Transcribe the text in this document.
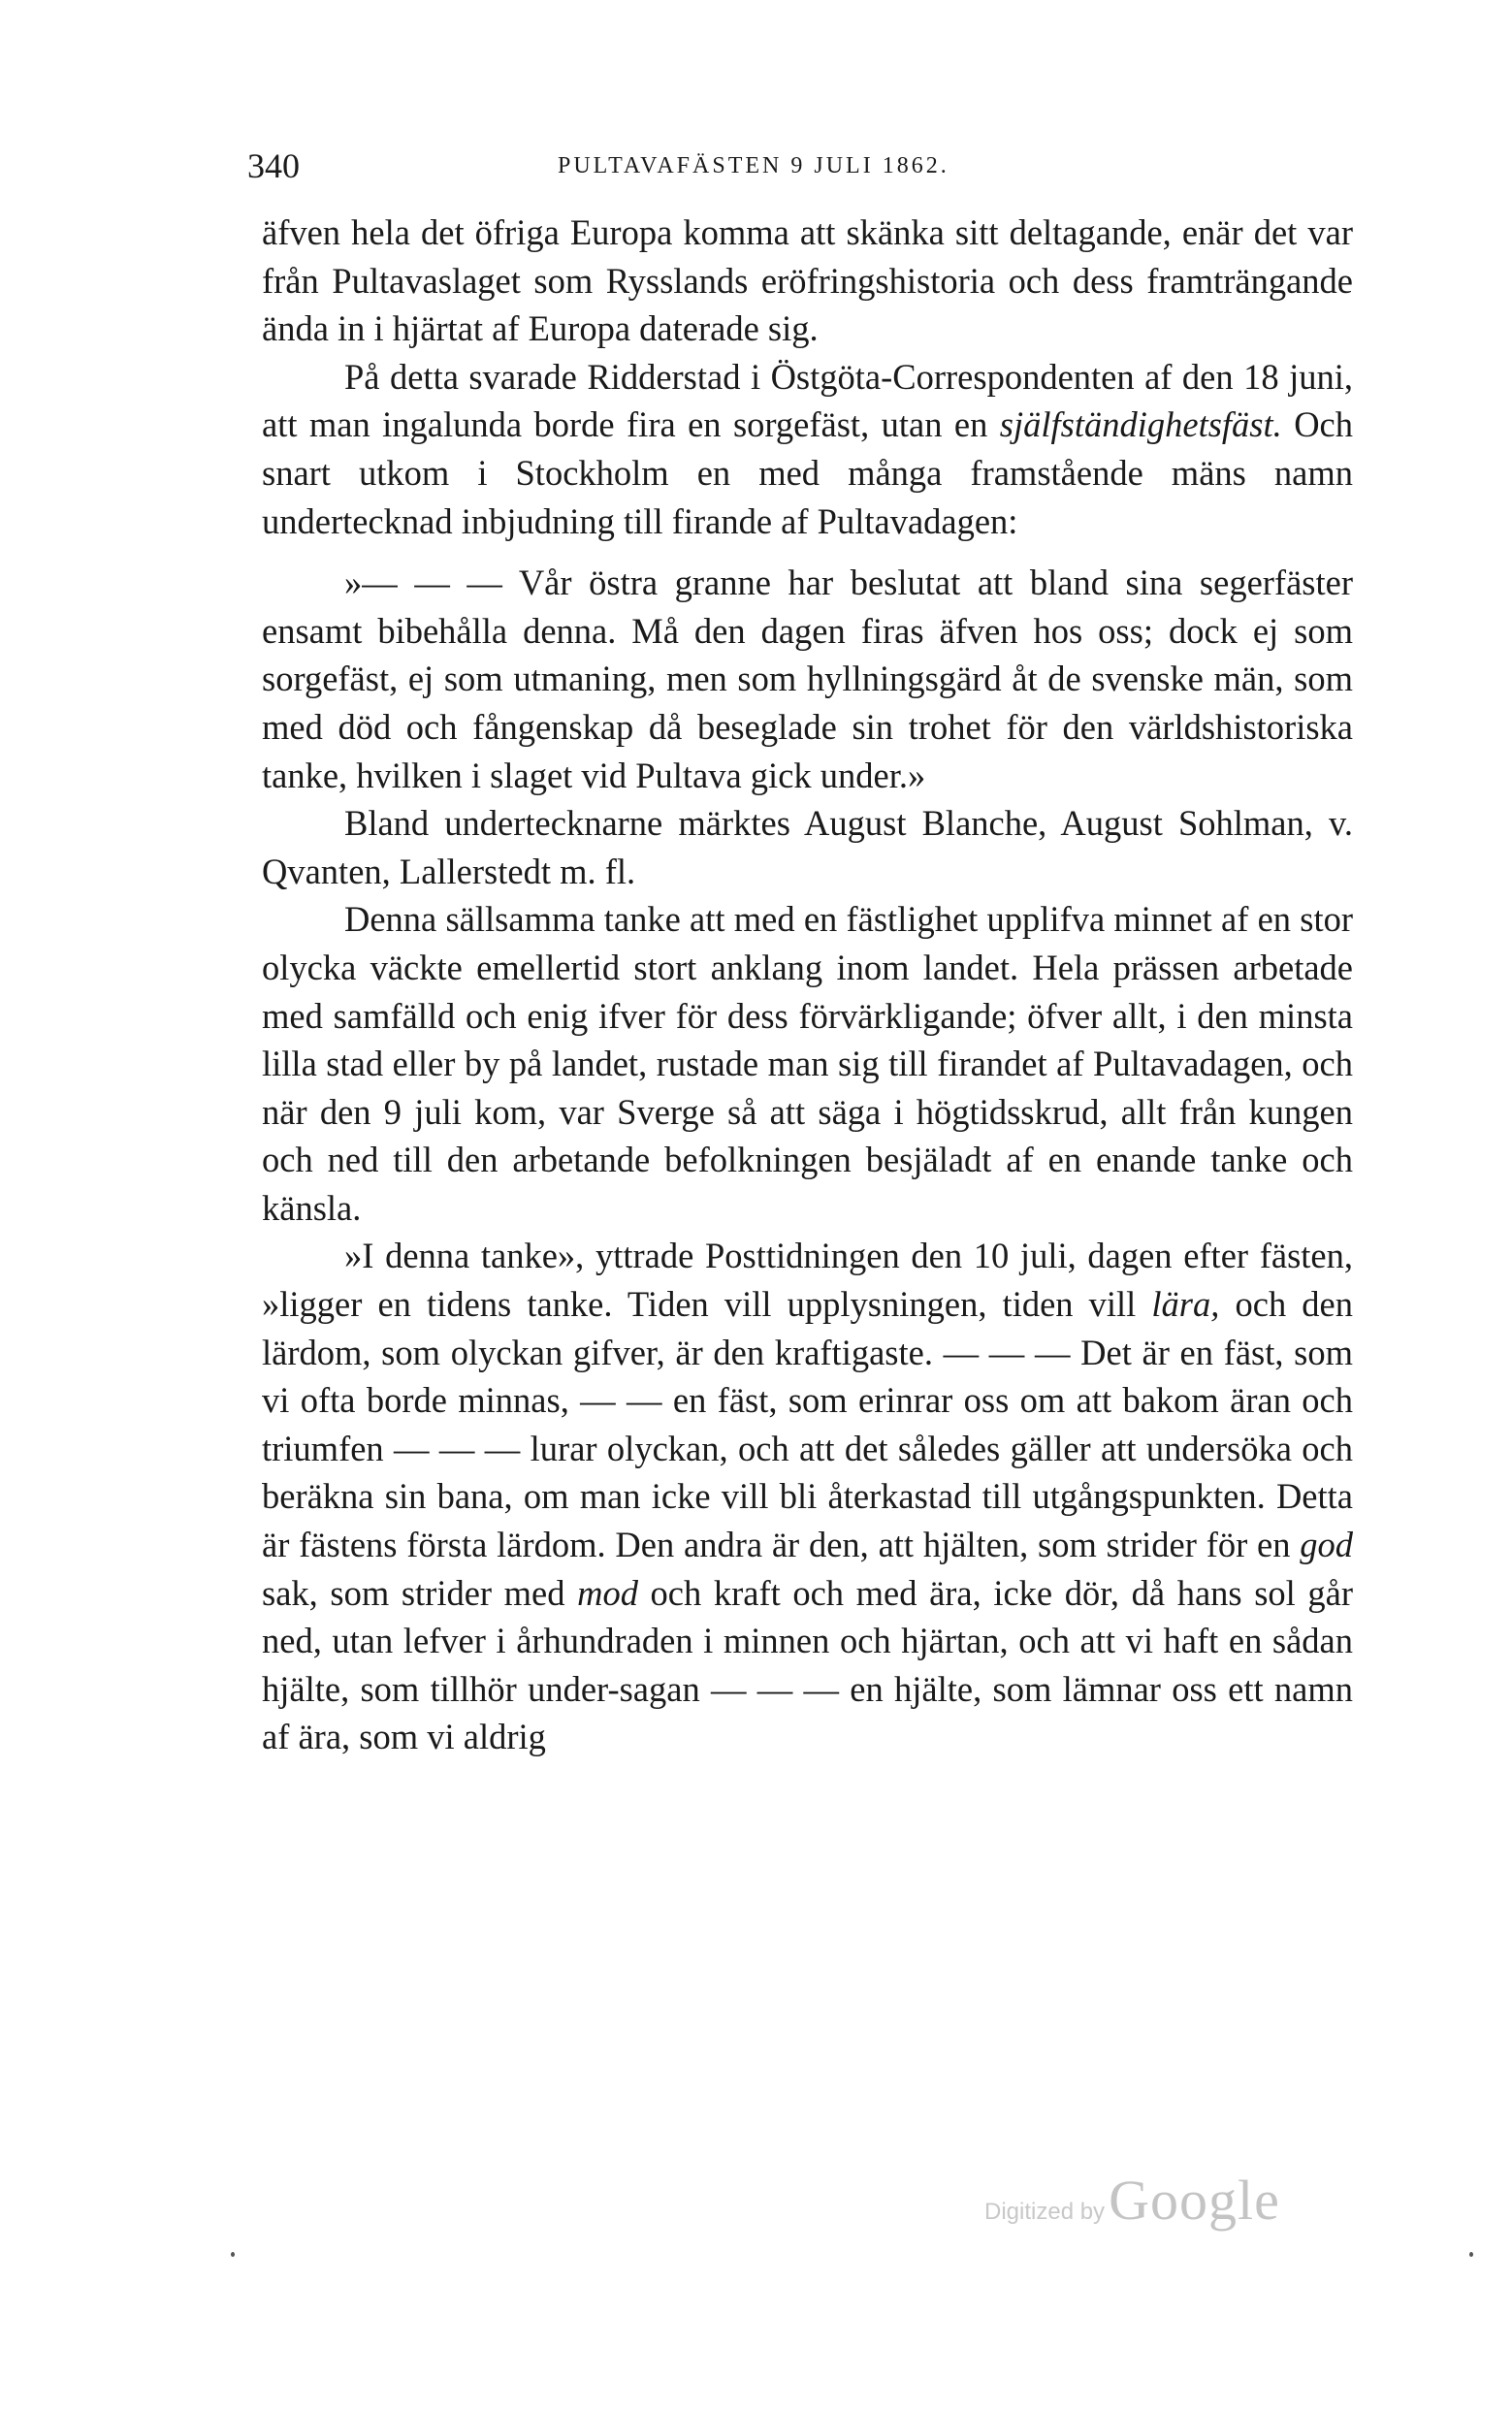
340	PULTAVAFÄSTEN 9 JULI 1862.

äfven hela det öfriga Europa komma att skänka sitt deltagande, enär det var från Pultavaslaget som Rysslands eröfringshistoria och dess framträngande ända in i hjärtat af Europa daterade sig.

På detta svarade Ridderstad i Östgöta-Correspondenten af den 18 juni, att man ingalunda borde fira en sorgefäst, utan en själfständighetsfäst. Och snart utkom i Stockholm en med många framstående mäns namn undertecknad inbjudning till firande af Pultavadagen:

»— — — Vår östra granne har beslutat att bland sina segerfäster ensamt bibehålla denna. Må den dagen firas äfven hos oss; dock ej som sorgefäst, ej som utmaning, men som hyllningsgärd åt de svenske män, som med död och fångenskap då beseglade sin trohet för den världshistoriska tanke, hvilken i slaget vid Pultava gick under.»

Bland undertecknarne märktes August Blanche, August Sohlman, v. Qvanten, Lallerstedt m. fl.

Denna sällsamma tanke att med en fästlighet upplifva minnet af en stor olycka väckte emellertid stort anklang inom landet. Hela prässen arbetade med samfälld och enig ifver för dess förvärkligande; öfver allt, i den minsta lilla stad eller by på landet, rustade man sig till firandet af Pultavadagen, och när den 9 juli kom, var Sverge så att säga i högtidsskrud, allt från kungen och ned till den arbetande befolkningen besjäladt af en enande tanke och känsla.

»I denna tanke», yttrade Posttidningen den 10 juli, dagen efter fästen, »ligger en tidens tanke. Tiden vill upplysningen, tiden vill lära, och den lärdom, som olyckan gifver, är den kraftigaste. — — — Det är en fäst, som vi ofta borde minnas, — — en fäst, som erinrar oss om att bakom äran och triumfen — — — lurar olyckan, och att det således gäller att undersöka och beräkna sin bana, om man icke vill bli återkastad till utgångspunkten. Detta är fästens första lärdom. Den andra är den, att hjälten, som strider för en god sak, som strider med mod och kraft och med ära, icke dör, då hans sol går ned, utan lefver i århundraden i minnen och hjärtan, och att vi haft en sådan hjälte, som tillhör under-sagan — — — en hjälte, som lämnar oss ett namn af ära, som vi aldrig

Digitized by Google
